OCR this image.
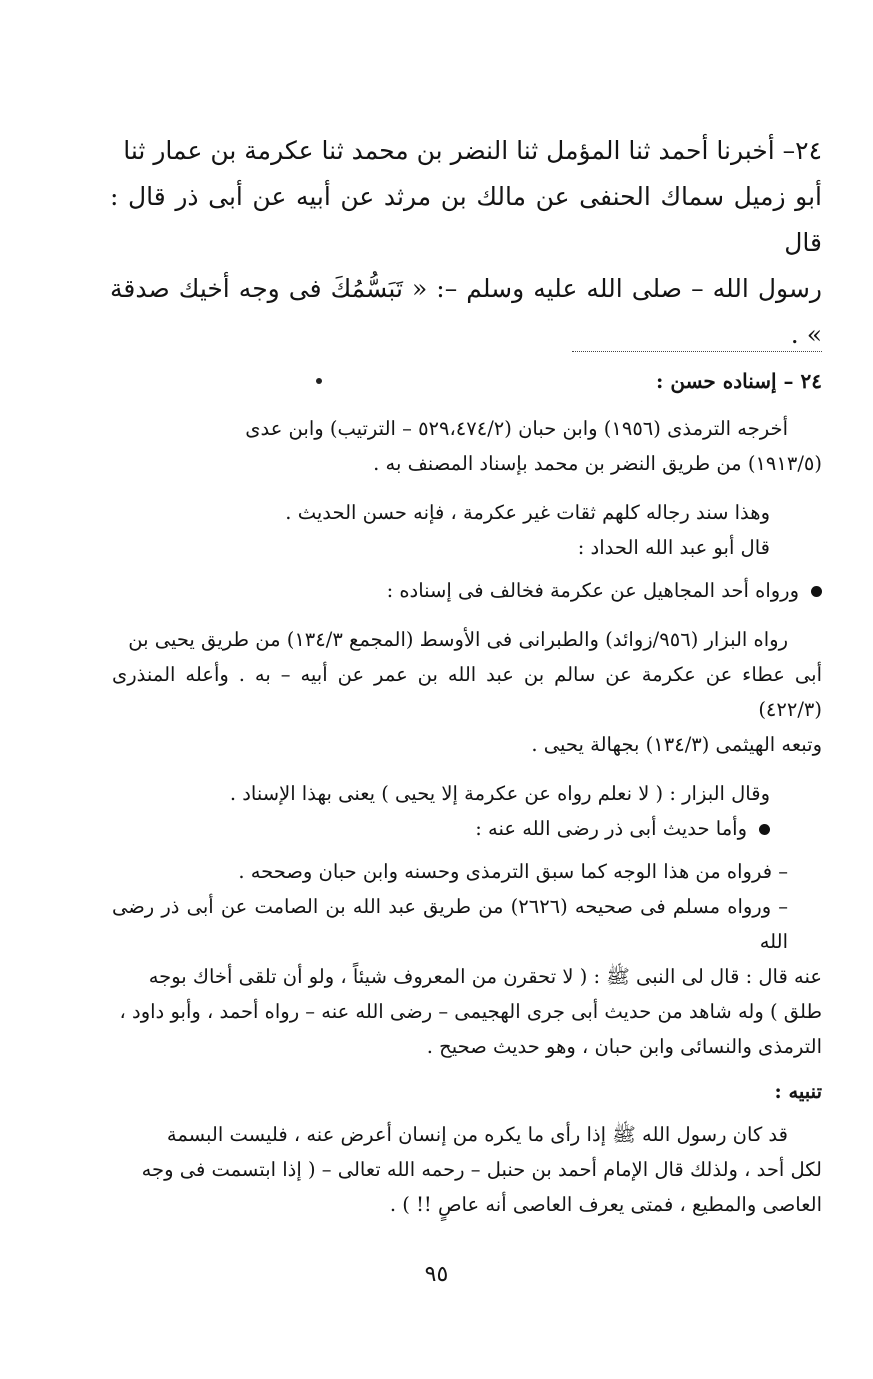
٢٤– أخبرنا أحمد ثنا المؤمل ثنا النضر بن محمد ثنا عكرمة بن عمار ثنا

أبو زميل سماك الحنفى عن مالك بن مرثد عن أبيه عن أبى ذر قال : قال

رسول الله – صلى الله عليه وسلم –: « تَبَسُّمُكَ فى وجه أخيك صدقة » .

٢٤ – إسناده حسن :

أخرجه الترمذى (١٩٥٦) وابن حبان (٥٢٩،٤٧٤/٢ – الترتيب) وابن عدى

(١٩١٣/٥) من طريق النضر بن محمد بإسناد المصنف به .

وهذا سند رجاله كلهم ثقات غير عكرمة ، فإنه حسن الحديث .

قال أبو عبد الله الحداد :

ورواه أحد المجاهيل عن عكرمة فخالف فى إسناده :

رواه البزار (٩٥٦/زوائد) والطبرانى فى الأوسط (المجمع ١٣٤/٣) من طريق يحيى بن

أبى عطاء عن عكرمة عن سالم بن عبد الله بن عمر عن أبيه – به . وأعله المنذرى (٤٢٢/٣)

وتبعه الهيثمى (١٣٤/٣) بجهالة يحيى .

وقال البزار : ( لا نعلم رواه عن عكرمة إلا يحيى ) يعنى بهذا الإسناد .

وأما حديث أبى ذر رضى الله عنه :

– فرواه من هذا الوجه كما سبق الترمذى وحسنه وابن حبان وصححه .

– ورواه مسلم فى صحيحه (٢٦٢٦) من طريق عبد الله بن الصامت عن أبى ذر رضى الله

عنه قال : قال لى النبى ﷺ : ( لا تحقرن من المعروف شيئاً ، ولو أن تلقى أخاك بوجه

طلق ) وله شاهد من حديث أبى جرى الهجيمى – رضى الله عنه – رواه أحمد ، وأبو داود ،

الترمذى والنسائى وابن حبان ، وهو حديث صحيح .

تنبيه :

قد كان رسول الله ﷺ إذا رأى ما يكره من إنسان أعرض عنه ، فليست البسمة

لكل أحد ، ولذلك قال الإمام أحمد بن حنبل – رحمه الله تعالى – ( إذا ابتسمت فى وجه

العاصى والمطيع ، فمتى يعرف العاصى أنه عاصٍ !! ) .

٩٥
